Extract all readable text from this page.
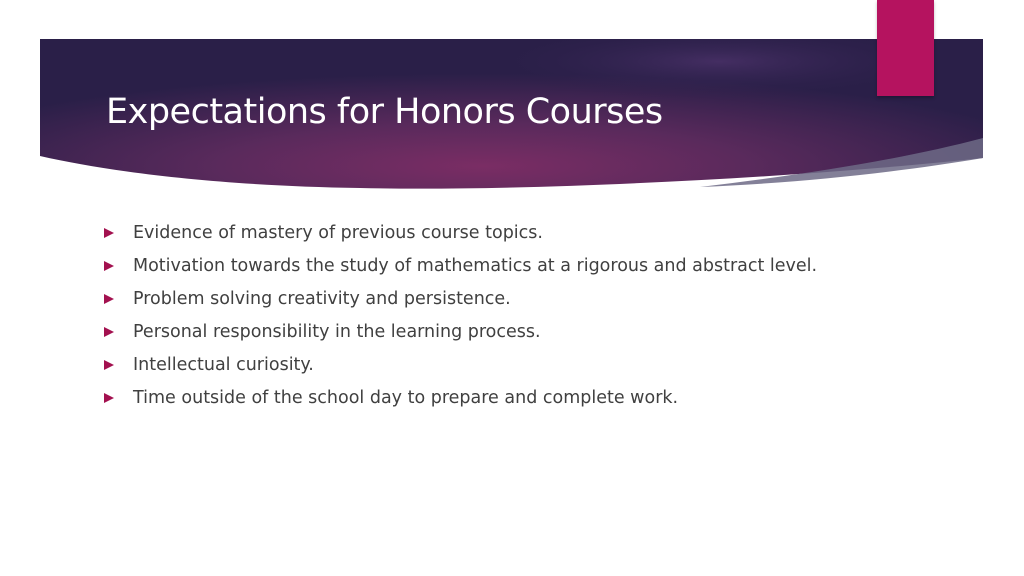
Expectations for Honors Courses
Evidence of mastery of previous course topics.
Motivation towards the study of mathematics at a rigorous and abstract level.
Problem solving creativity and persistence.
Personal responsibility in the learning process.
Intellectual curiosity.
Time outside of the school day to prepare and complete work.
